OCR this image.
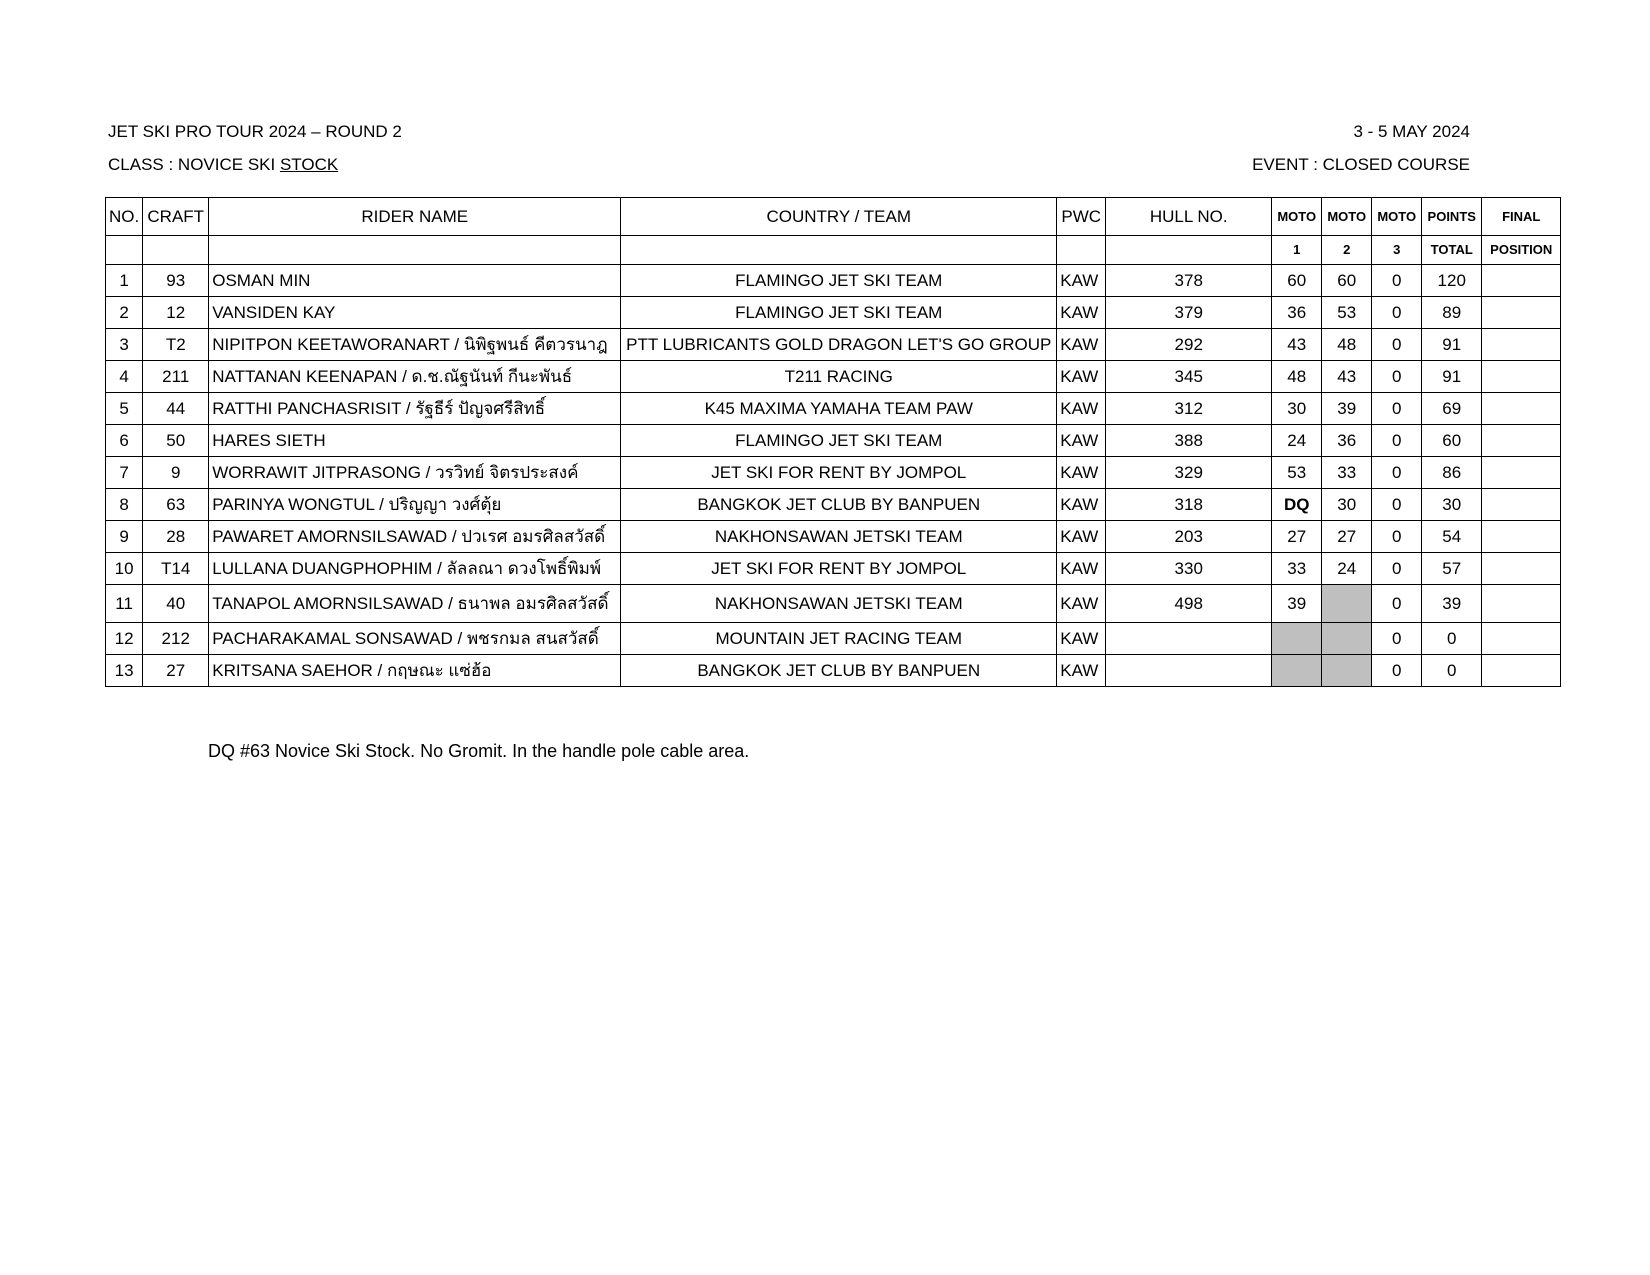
JET SKI PRO TOUR 2024 – ROUND 2	3 - 5 MAY 2024
CLASS : NOVICE SKI STOCK	EVENT : CLOSED COURSE
NO.	CRAFT	RIDER NAME	COUNTRY / TEAM	PWC	HULL NO.	MOTO	MOTO	MOTO	POINTS	FINAL
						1	2	3	TOTAL	POSITION
1	93	OSMAN MIN	FLAMINGO JET SKI TEAM	KAW	378	60	60	0	120	
2	12	VANSIDEN KAY	FLAMINGO JET SKI TEAM	KAW	379	36	53	0	89	
3	T2	NIPITPON KEETAWORANART / นิพิฐพนธ์ คีตวรนาฎ	PTT LUBRICANTS GOLD DRAGON LET'S GO GROUP	KAW	292	43	48	0	91	
4	211	NATTANAN KEENAPAN / ด.ช.ณัฐนันท์ กีนะพันธ์	T211 RACING	KAW	345	48	43	0	91	
5	44	RATTHI PANCHASRISIT / รัฐธีร์ ปัญจศรีสิทธิ์	K45 MAXIMA YAMAHA TEAM PAW	KAW	312	30	39	0	69	
6	50	HARES SIETH	FLAMINGO JET SKI TEAM	KAW	388	24	36	0	60	
7	9	WORRAWIT JITPRASONG / วรวิทย์ จิตรประสงค์	JET SKI FOR RENT BY JOMPOL	KAW	329	53	33	0	86	
8	63	PARINYA WONGTUL / ปริญญา วงศ์ตุ้ย	BANGKOK JET CLUB BY BANPUEN	KAW	318	DQ	30	0	30	
9	28	PAWARET AMORNSILSAWAD / ปวเรศ อมรศิลสวัสดิ์	NAKHONSAWAN JETSKI TEAM	KAW	203	27	27	0	54	
10	T14	LULLANA DUANGPHOPHIM / ลัลลณา ดวงโพธิ์พิมพ์	JET SKI FOR RENT BY JOMPOL	KAW	330	33	24	0	57	
11	40	TANAPOL AMORNSILSAWAD / ธนาพล อมรศิลสวัสดิ์	NAKHONSAWAN JETSKI TEAM	KAW	498	39		0	39	
12	212	PACHARAKAMAL SONSAWAD / พชรกมล สนสวัสดิ์	MOUNTAIN JET RACING TEAM	KAW				0	0	
13	27	KRITSANA SAEHOR / กฤษณะ แซ่ฮ้อ	BANGKOK JET CLUB BY BANPUEN	KAW				0	0	
DQ #63 Novice Ski Stock. No Gromit. In the handle pole cable area.
